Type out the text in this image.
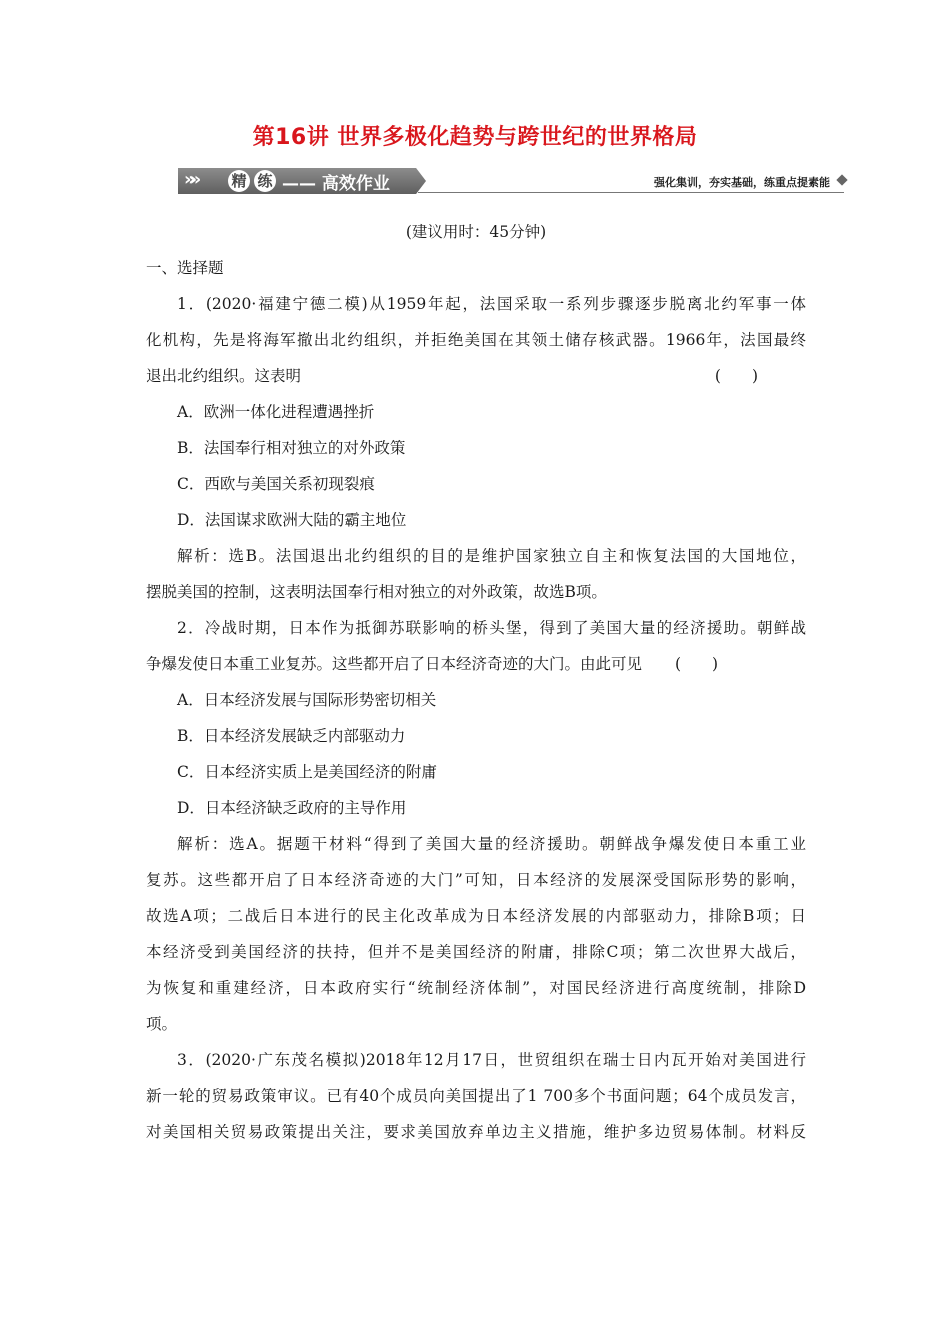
第16讲 世界多极化趋势与跨世纪的世界格局
»» 精 练 —— 高效作业	强化集训，夯实基础，练重点提素能
(建议用时：45分钟)
一、选择题
1．(2020·福建宁德二模)从1959年起，法国采取一系列步骤逐步脱离北约军事一体
化机构，先是将海军撤出北约组织，并拒绝美国在其领土储存核武器。1966年，法国最终
退出北约组织。这表明	(　　)
A．欧洲一体化进程遭遇挫折
B．法国奉行相对独立的对外政策
C．西欧与美国关系初现裂痕
D．法国谋求欧洲大陆的霸主地位
解析：选B。法国退出北约组织的目的是维护国家独立自主和恢复法国的大国地位，
摆脱美国的控制，这表明法国奉行相对独立的对外政策，故选B项。
2．冷战时期，日本作为抵御苏联影响的桥头堡，得到了美国大量的经济援助。朝鲜战
争爆发使日本重工业复苏。这些都开启了日本经济奇迹的大门。由此可见 (　　)
A．日本经济发展与国际形势密切相关
B．日本经济发展缺乏内部驱动力
C．日本经济实质上是美国经济的附庸
D．日本经济缺乏政府的主导作用
解析：选A。据题干材料“得到了美国大量的经济援助。朝鲜战争爆发使日本重工业
复苏。这些都开启了日本经济奇迹的大门”可知，日本经济的发展深受国际形势的影响，
故选A项；二战后日本进行的民主化改革成为日本经济发展的内部驱动力，排除B项；日
本经济受到美国经济的扶持，但并不是美国经济的附庸，排除C项；第二次世界大战后，
为恢复和重建经济，日本政府实行“统制经济体制”，对国民经济进行高度统制，排除D
项。
3．(2020·广东茂名模拟)2018年12月17日，世贸组织在瑞士日内瓦开始对美国进行
新一轮的贸易政策审议。已有40个成员向美国提出了1 700多个书面问题；64个成员发言，
对美国相关贸易政策提出关注，要求美国放弃单边主义措施，维护多边贸易体制。材料反
